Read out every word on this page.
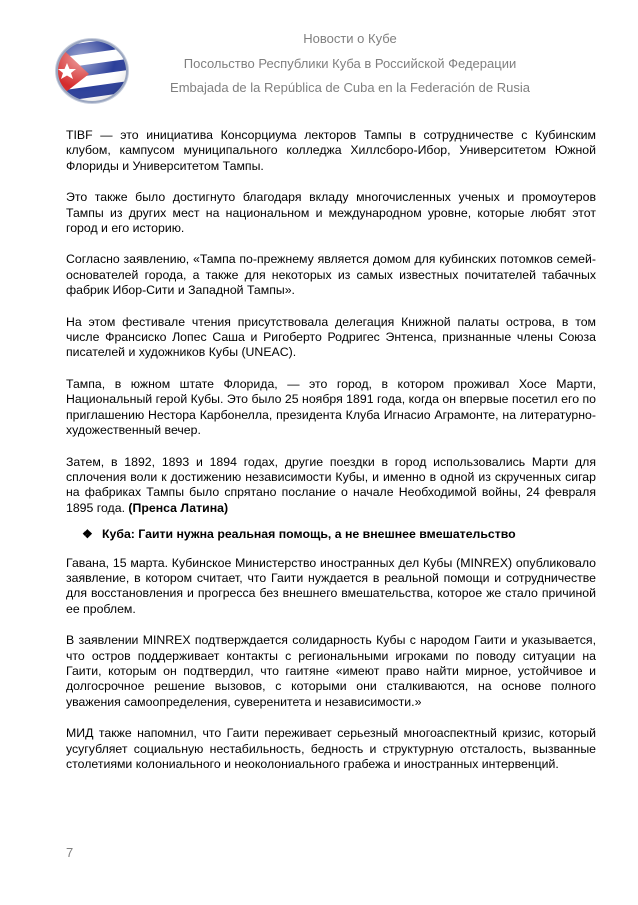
Новости о Кубе
Посольство Республики Куба в Российской Федерации
Embajada de la República de Cuba en la Federación de Rusia

TIBF — это инициатива Консорциума лекторов Тампы в сотрудничестве с Кубинским клубом, кампусом муниципального колледжа Хиллсборо-Ибор, Университетом Южной Флориды и Университетом Тампы.

Это также было достигнуто благодаря вкладу многочисленных ученых и промоутеров Тампы из других мест на национальном и международном уровне, которые любят этот город и его историю.

Согласно заявлению, «Тампа по-прежнему является домом для кубинских потомков семей-основателей города, а также для некоторых из самых известных почитателей табачных фабрик Ибор-Сити и Западной Тампы».

На этом фестивале чтения присутствовала делегация Книжной палаты острова, в том числе Франсиско Лопес Саша и Ригоберто Родригес Энтенса, признанные члены Союза писателей и художников Кубы (UNEAC).

Тампа, в южном штате Флорида, — это город, в котором проживал Хосе Марти, Национальный герой Кубы. Это было 25 ноября 1891 года, когда он впервые посетил его по приглашению Нестора Карбонелла, президента Клуба Игнасио Аграмонте, на литературно-художественный вечер.

Затем, в 1892, 1893 и 1894 годах, другие поездки в город использовались Марти для сплочения воли к достижению независимости Кубы, и именно в одной из скрученных сигар на фабриках Тампы было спрятано послание о начале Необходимой войны, 24 февраля 1895 года. (Пренса Латина)

❖ Куба: Гаити нужна реальная помощь, а не внешнее вмешательство

Гавана, 15 марта. Кубинское Министерство иностранных дел Кубы (MINREX) опубликовало заявление, в котором считает, что Гаити нуждается в реальной помощи и сотрудничестве для восстановления и прогресса без внешнего вмешательства, которое же стало причиной ее проблем.

В заявлении MINREX подтверждается солидарность Кубы с народом Гаити и указывается, что остров поддерживает контакты с региональными игроками по поводу ситуации на Гаити, которым он подтвердил, что гаитяне «имеют право найти мирное, устойчивое и долгосрочное решение вызовов, с которыми они сталкиваются, на основе полного уважения самоопределения, суверенитета и независимости.»

МИД также напомнил, что Гаити переживает серьезный многоаспектный кризис, который усугубляет социальную нестабильность, бедность и структурную отсталость, вызванные столетиями колониального и неоколониального грабежа и иностранных интервенций.

7
